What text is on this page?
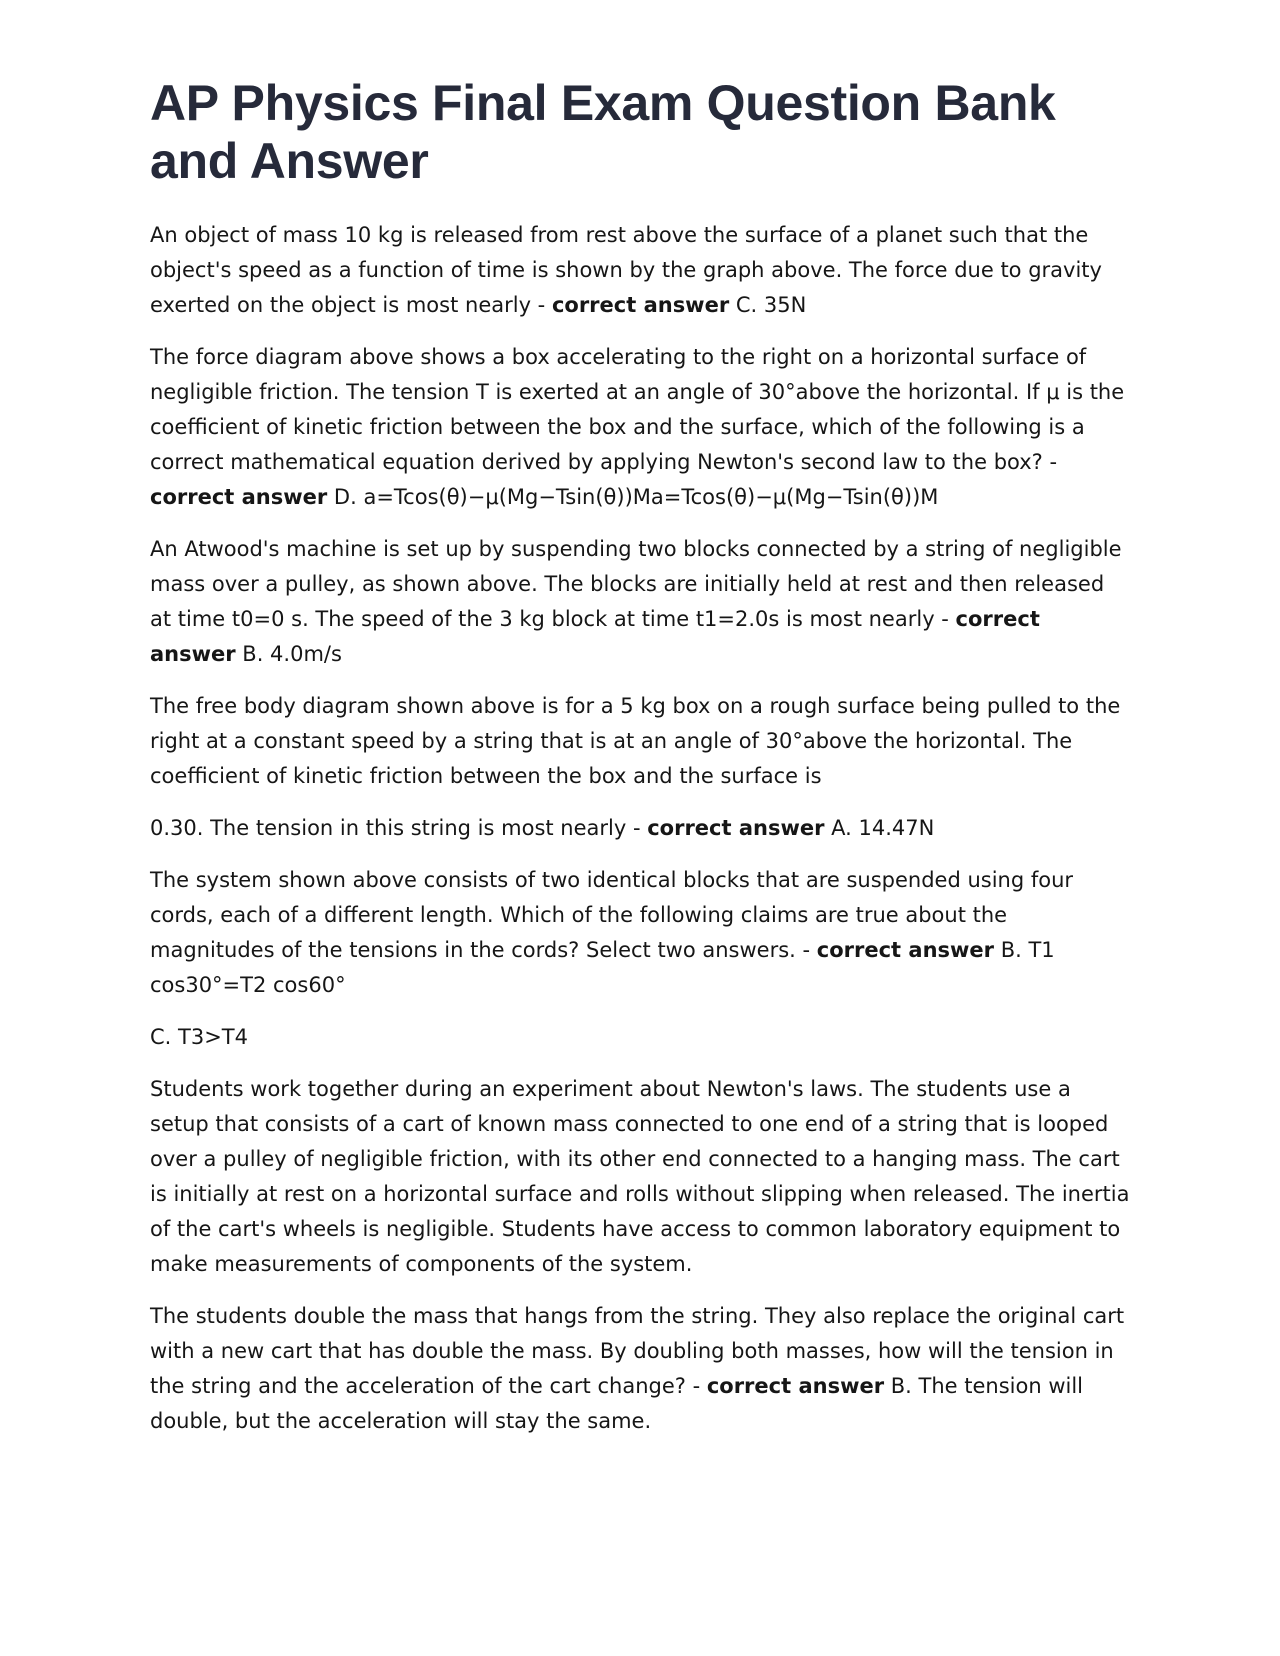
AP Physics Final Exam Question Bank and Answer

An object of mass 10 kg is released from rest above the surface of a planet such that the object's speed as a function of time is shown by the graph above. The force due to gravity exerted on the object is most nearly - correct answer C. 35N

The force diagram above shows a box accelerating to the right on a horizontal surface of negligible friction. The tension T is exerted at an angle of 30°above the horizontal. If μ is the coefficient of kinetic friction between the box and the surface, which of the following is a correct mathematical equation derived by applying Newton's second law to the box? - correct answer D. a=Tcos(θ)−μ(Mg−Tsin(θ))Ma=Tcos(θ)−μ(Mg−Tsin(θ))M

An Atwood's machine is set up by suspending two blocks connected by a string of negligible mass over a pulley, as shown above. The blocks are initially held at rest and then released at time t0=0 s. The speed of the 3 kg block at time t1=2.0s is most nearly - correct answer B. 4.0m/s

The free body diagram shown above is for a 5 kg box on a rough surface being pulled to the right at a constant speed by a string that is at an angle of 30°above the horizontal. The coefficient of kinetic friction between the box and the surface is

0.30. The tension in this string is most nearly - correct answer A. 14.47N

The system shown above consists of two identical blocks that are suspended using four cords, each of a different length. Which of the following claims are true about the magnitudes of the tensions in the cords? Select two answers. - correct answer B. T1 cos30°=T2 cos60°

C. T3>T4

Students work together during an experiment about Newton's laws. The students use a setup that consists of a cart of known mass connected to one end of a string that is looped over a pulley of negligible friction, with its other end connected to a hanging mass. The cart is initially at rest on a horizontal surface and rolls without slipping when released. The inertia of the cart's wheels is negligible. Students have access to common laboratory equipment to make measurements of components of the system.

The students double the mass that hangs from the string. They also replace the original cart with a new cart that has double the mass. By doubling both masses, how will the tension in the string and the acceleration of the cart change? - correct answer B. The tension will double, but the acceleration will stay the same.
